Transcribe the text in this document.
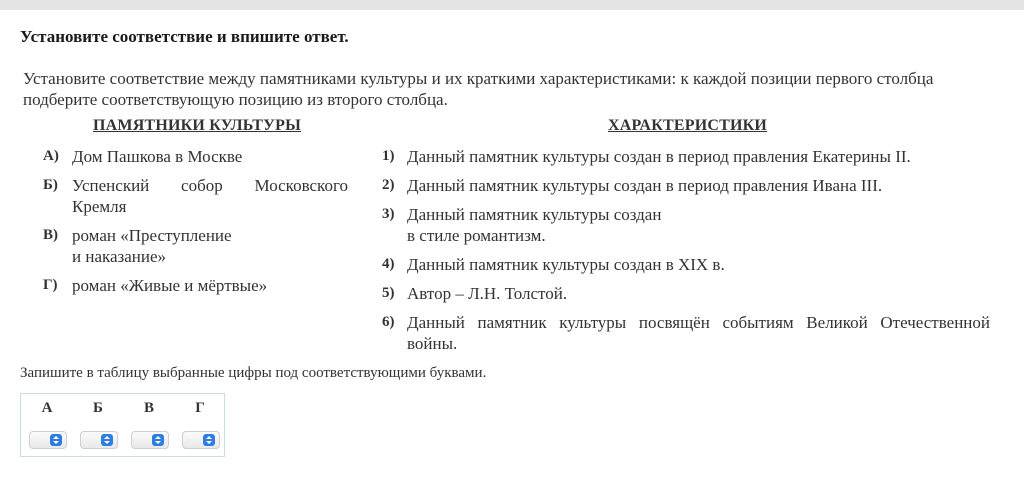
Установите соответствие и впишите ответ.
Установите соответствие между памятниками культуры и их краткими характеристиками: к каждой позиции первого столбца подберите соответствующую позицию из второго столбца.
ПАМЯТНИКИ КУЛЬТУРЫ	ХАРАКТЕРИСТИКИ
А) Дом Пашкова в Москве
Б) Успенский собор Московского Кремля
В) роман «Преступление
и наказание»
Г) роман «Живые и мёртвые»
1) Данный памятник культуры создан в период правления Екатерины II.
2) Данный памятник культуры создан в период правления Ивана III.
3) Данный памятник культуры создан
в стиле романтизм.
4) Данный памятник культуры создан в XIX в.
5) Автор – Л.Н. Толстой.
6) Данный памятник культуры посвящён событиям Великой Отечественной войны.
Запишите в таблицу выбранные цифры под соответствующими буквами.
А	Б	В	Г
